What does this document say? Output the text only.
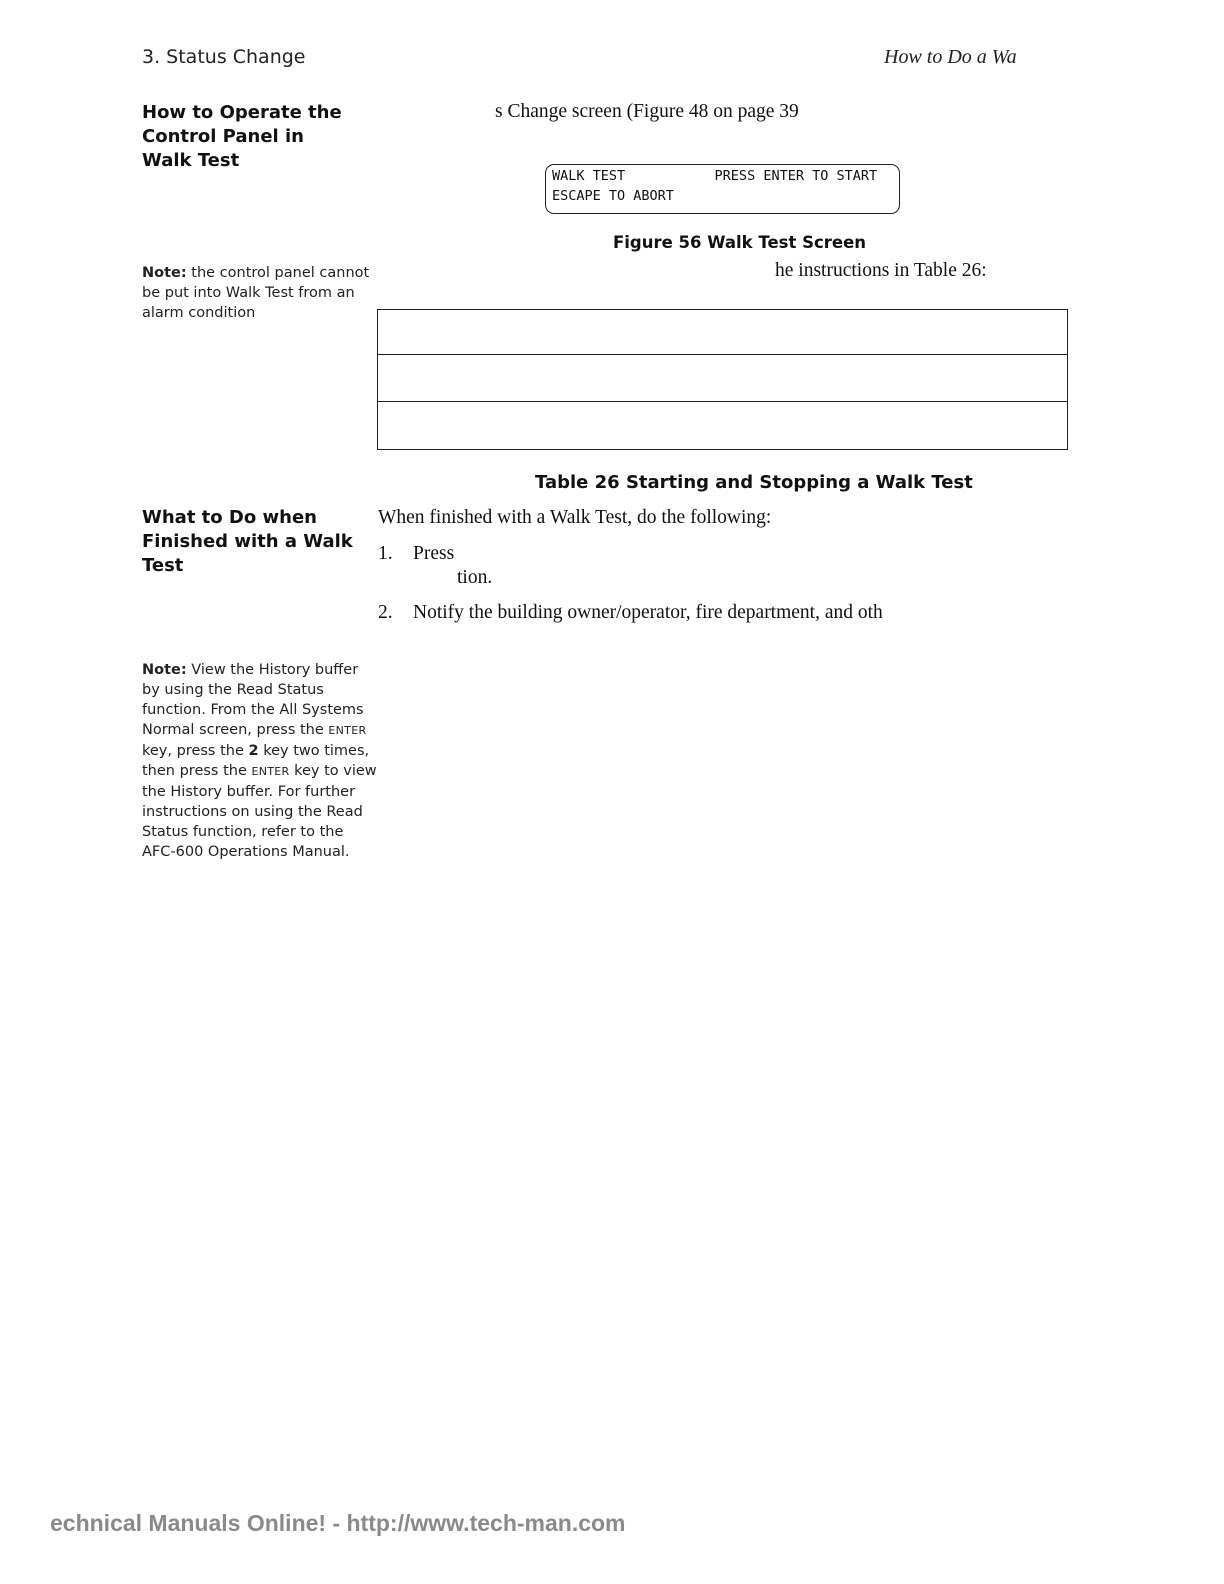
3. Status Change	How to Do a Wa
How to Operate the
Control Panel in
Walk Test
s Change screen (Figure 48 on page 39
WALK TEST           PRESS ENTER TO START
ESCAPE TO ABORT
Figure 56 Walk Test Screen
Note: the control panel cannot
be put into Walk Test from an
alarm condition
he instructions in Table 26:

Table 26 Starting and Stopping a Walk Test
What to Do when
Finished with a Walk
Test
When finished with a Walk Test, do the following:
1. Press
tion.
2. Notify the building owner/operator, fire department, and oth
Note: View the History buffer
by using the Read Status
function. From the All Systems
Normal screen, press the ENTER
key, press the 2 key two times,
then press the ENTER key to view
the History buffer. For further
instructions on using the Read
Status function, refer to the
AFC-600 Operations Manual.
echnical Manuals Online! - http://www.tech-man.com
